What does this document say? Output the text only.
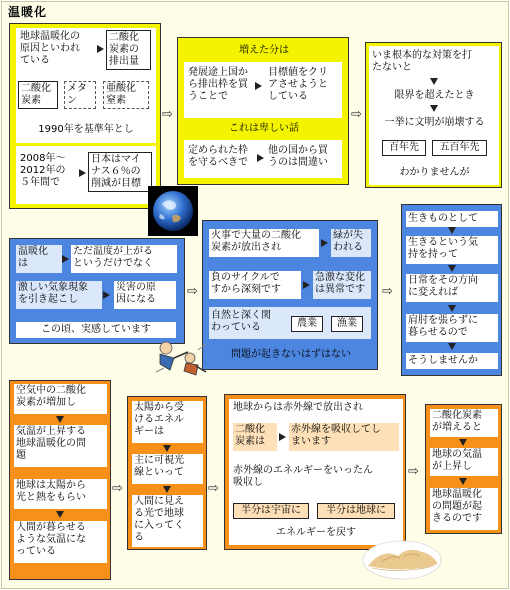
温暖化
地球温暖化の
原因といわれ
ている
二酸化
炭素の
排出量
二酸化
炭素
メタ
ン
亜酸化
窒素
1990年を基準年とし
2008年～
2012年の
５年間で
日本はマイ
ナス６％の
削減が目標
⇨
増えた分は
発展途上国か
ら排出枠を買
うことで
目標値をクリ
アさせようと
している
これは卑しい話
定められた枠
を守るべきで
他の国から買
うのは間違い
⇨
いま根本的な対策を打
たないと
限界を超えたとき
一挙に文明が崩壊する
百年先	五百年先
わかりませんが
温暖化
は
ただ温度が上がる
というだけでなく
激しい気象現象
を引き起こし
災害の原
因になる
この頃、実感しています
⇨
火事で大量の二酸化
炭素が放出され
緑が失
われる
負のサイクルで
すから深刻です
急激な変化
は異常です
自然と深く関
わっている	農業	漁業
問題が起きないはずはない
⇨
生きものとして
生きるという気
持を持って
日常をその方向
に変えれば
肩肘を張らずに
暮らせるので
そうしませんか
空気中の二酸化
炭素が増加し
気温が上昇する
地球温暖化の問
題
地球は太陽から
光と熱をもらい
人間が暮らせる
ような気温にな
っている
⇨
太陽から受
けるエネル
ギーは
主に可視光
線といって
人間に見え
る光で地球
に入ってく
る
⇨
地球からは赤外線で放出され
二酸化
炭素は
赤外線を吸収してし
まいます
赤外線のエネルギーをいったん
吸収し
半分は宇宙に	半分は地球に
エネルギーを戻す
⇨
二酸化炭素
が増えると
地球の気温
が上昇し
地球温暖化
の問題が起
きるのです
